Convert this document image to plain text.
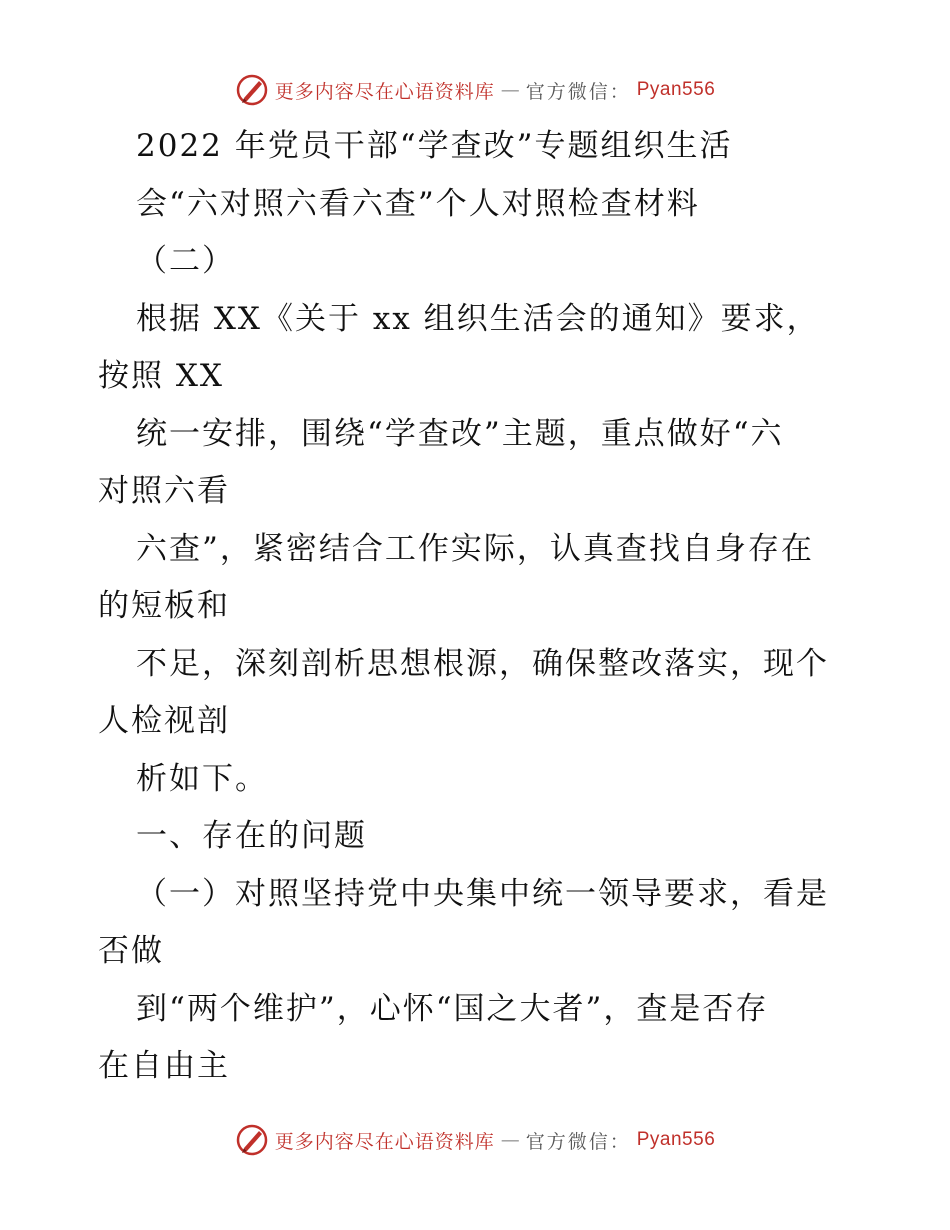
更多内容尽在心语资料库 — 官方微信： Pyan556
2022 年党员干部“学查改”专题组织生活
会“六对照六看六查”个人对照检查材料
（二）
根据 XX《关于 xx 组织生活会的通知》要求，
按照 XX
统一安排，围绕“学查改”主题，重点做好“六
对照六看
六查”，紧密结合工作实际，认真查找自身存在
的短板和
不足，深刻剖析思想根源，确保整改落实，现个
人检视剖
析如下。
一、存在的问题
（一）对照坚持党中央集中统一领导要求，看是
否做
到“两个维护”，心怀“国之大者”，查是否存
在自由主
更多内容尽在心语资料库 — 官方微信： Pyan556
